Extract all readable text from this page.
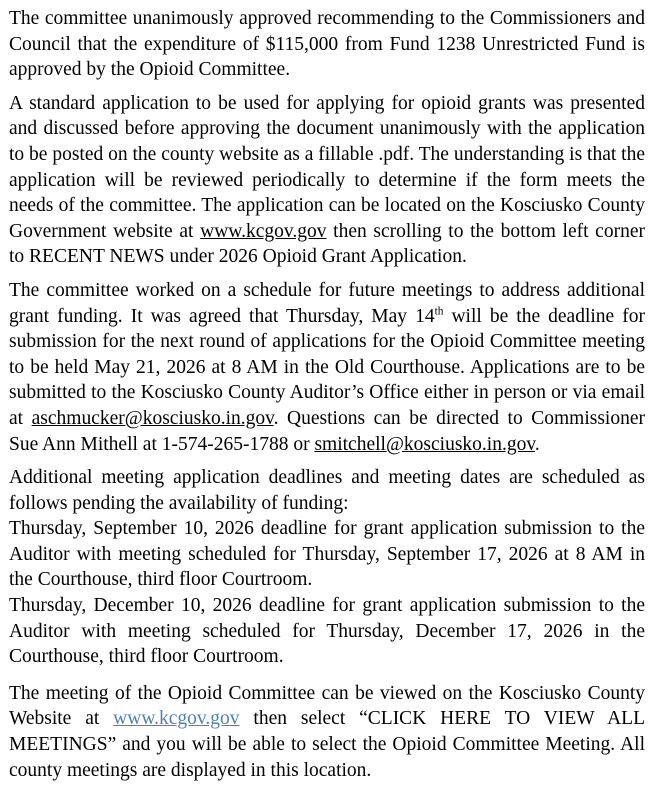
The committee unanimously approved recommending to the Commissioners and Council that the expenditure of $115,000 from Fund 1238 Unrestricted Fund is approved by the Opioid Committee.

A standard application to be used for applying for opioid grants was presented and discussed before approving the document unanimously with the application to be posted on the county website as a fillable .pdf. The understanding is that the application will be reviewed periodically to determine if the form meets the needs of the committee. The application can be located on the Kosciusko County Government website at www.kcgov.gov then scrolling to the bottom left corner to RECENT NEWS under 2026 Opioid Grant Application.

The committee worked on a schedule for future meetings to address additional grant funding. It was agreed that Thursday, May 14th will be the deadline for submission for the next round of applications for the Opioid Committee meeting to be held May 21, 2026 at 8 AM in the Old Courthouse. Applications are to be submitted to the Kosciusko County Auditor’s Office either in person or via email at aschmucker@kosciusko.in.gov. Questions can be directed to Commissioner Sue Ann Mithell at 1-574-265-1788 or smitchell@kosciusko.in.gov.

Additional meeting application deadlines and meeting dates are scheduled as follows pending the availability of funding:
Thursday, September 10, 2026 deadline for grant application submission to the Auditor with meeting scheduled for Thursday, September 17, 2026 at 8 AM in the Courthouse, third floor Courtroom.
Thursday, December 10, 2026 deadline for grant application submission to the Auditor with meeting scheduled for Thursday, December 17, 2026 in the Courthouse, third floor Courtroom.

The meeting of the Opioid Committee can be viewed on the Kosciusko County Website at www.kcgov.gov then select “CLICK HERE TO VIEW ALL MEETINGS” and you will be able to select the Opioid Committee Meeting. All county meetings are displayed in this location.
